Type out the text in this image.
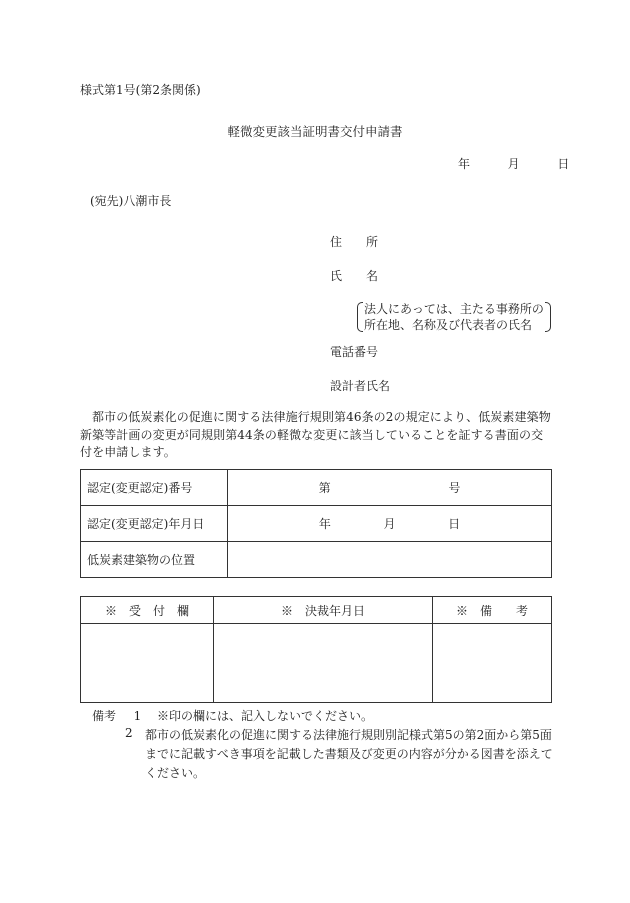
様式第1号(第2条関係)
軽微変更該当証明書交付申請書
年	月	日
(宛先)八潮市長
住　　所
氏　　名
法人にあっては、主たる事務所の
所在地、名称及び代表者の氏名
電話番号
設計者氏名
都市の低炭素化の促進に関する法律施行規則第46条の2の規定により、低炭素建築物新築等計画の変更が同規則第44条の軽微な変更に該当していることを証する書面の交付を申請します。
認定(変更認定)番号	第 号
認定(変更認定)年月日	年 月 日
低炭素建築物の位置	
※　受　付　欄	※　決裁年月日	※　備　　考

備考 1 ※印の欄には、記入しないでください。
2 都市の低炭素化の促進に関する法律施行規則別記様式第5の第2面から第5面までに記載すべき事項を記載した書類及び変更の内容が分かる図書を添えてください。
